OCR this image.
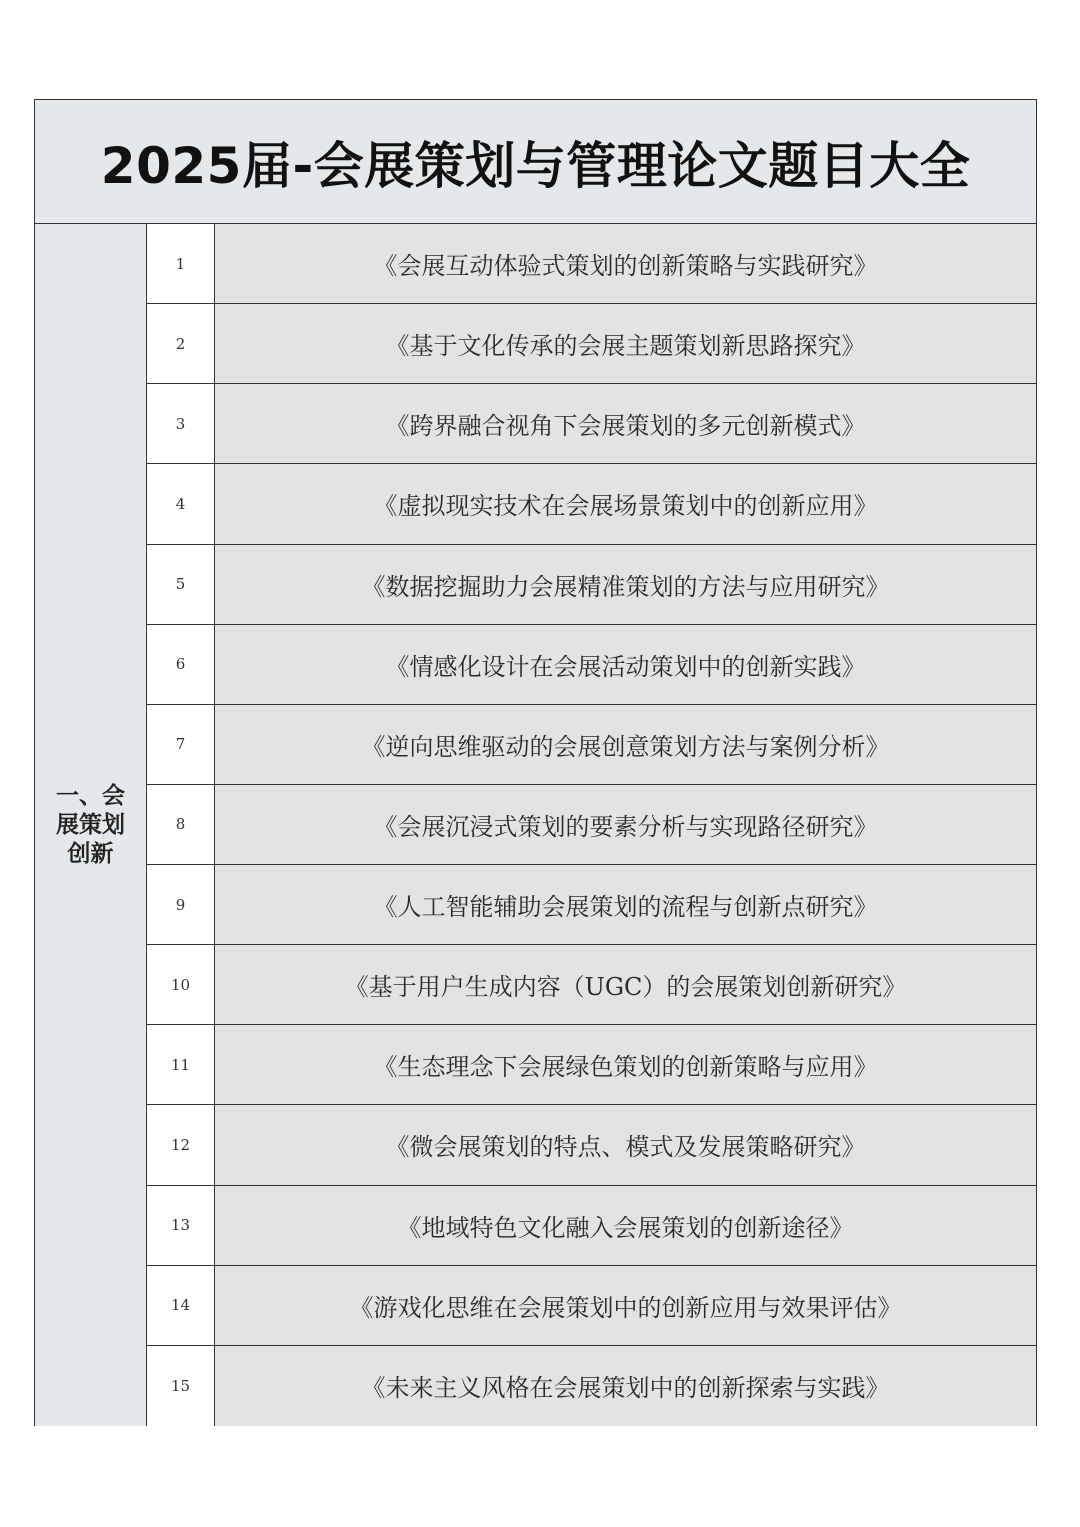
2025届-会展策划与管理论文题目大全
一、会展策划创新
1	《会展互动体验式策划的创新策略与实践研究》
2	《基于文化传承的会展主题策划新思路探究》
3	《跨界融合视角下会展策划的多元创新模式》
4	《虚拟现实技术在会展场景策划中的创新应用》
5	《数据挖掘助力会展精准策划的方法与应用研究》
6	《情感化设计在会展活动策划中的创新实践》
7	《逆向思维驱动的会展创意策划方法与案例分析》
8	《会展沉浸式策划的要素分析与实现路径研究》
9	《人工智能辅助会展策划的流程与创新点研究》
10	《基于用户生成内容（UGC）的会展策划创新研究》
11	《生态理念下会展绿色策划的创新策略与应用》
12	《微会展策划的特点、模式及发展策略研究》
13	《地域特色文化融入会展策划的创新途径》
14	《游戏化思维在会展策划中的创新应用与效果评估》
15	《未来主义风格在会展策划中的创新探索与实践》
